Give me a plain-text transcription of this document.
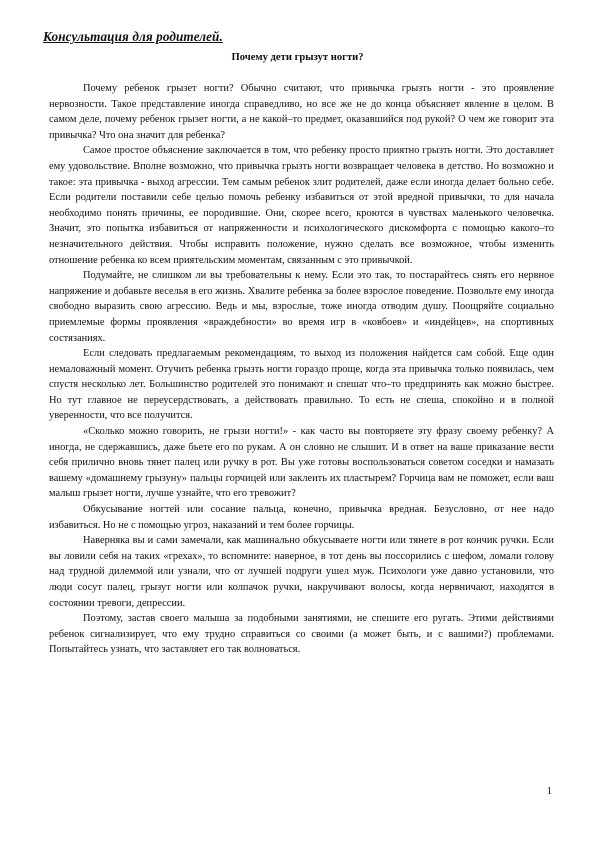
Консультация для родителей.
Почему дети грызут ногти?

Почему ребенок грызет ногти? Обычно считают, что привычка грызть ногти - это проявление нервозности. Такое представление иногда справедливо, но все же не до конца объясняет явление в целом. В самом деле, почему ребенок грызет ногти, а не какой–то предмет, оказавшийся под рукой? О чем же говорит эта привычка? Что она значит для ребенка?

Самое простое объяснение заключается в том, что ребенку просто приятно грызть ногти. Это доставляет ему удовольствие. Вполне возможно, что привычка грызть ногти возвращает человека в детство. Но возможно и такое: эта привычка - выход агрессии. Тем самым ребенок злит родителей, даже если иногда делает больно себе. Если родители поставили себе целью помочь ребенку избавиться от этой вредной привычки, то для начала необходимо понять причины, ее породившие. Они, скорее всего, кроются в чувствах маленького человечка. Значит, это попытка избавиться от напряженности и психологического дискомфорта с помощью какого–то незначительного действия. Чтобы исправить положение, нужно сделать все возможное, чтобы изменить отношение ребенка ко всем приятельским моментам, связанным с это привычкой.

Подумайте, не слишком ли вы требовательны к нему. Если это так, то постарайтесь снять его нервное напряжение и добавьте веселья в его жизнь. Хвалите ребенка за более взрослое поведение. Позвольте ему иногда свободно выразить свою агрессию. Ведь и мы, взрослые, тоже иногда отводим душу. Поощряйте социально приемлемые формы проявления «враждебности» во время игр в «ковбоев» и «индейцев», на спортивных состязаниях.

Если следовать предлагаемым рекомендациям, то выход из положения найдется сам собой. Еще один немаловажный момент. Отучить ребенка грызть ногти гораздо проще, когда эта привычка только появилась, чем спустя несколько лет. Большинство родителей это понимают и спешат что–то предпринять как можно быстрее. Но тут главное не переусердствовать, а действовать правильно. То есть не спеша, спокойно и в полной уверенности, что все получится.

«Сколько можно говорить, не грызи ногти!» - как часто вы повторяете эту фразу своему ребенку? А иногда, не сдержавшись, даже бьете его по рукам. А он словно не слышит. И в ответ на ваше приказание вести себя прилично вновь тянет палец или ручку в рот. Вы уже готовы воспользоваться советом соседки и намазать вашему «домашнему грызуну» пальцы горчицей или заклеить их пластырем? Горчица вам не поможет, если ваш малыш грызет ногти, лучше узнайте, что его тревожит?

Обкусывание ногтей или сосание пальца, конечно, привычка вредная. Безусловно, от нее надо избавиться. Но не с помощью угроз, наказаний и тем более горчицы.

Наверняка вы и сами замечали, как машинально обкусываете ногти или тянете в рот кончик ручки. Если вы ловили себя на таких «грехах», то вспомните: наверное, в тот день вы поссорились с шефом, ломали голову над трудной дилеммой или узнали, что от лучшей подруги ушел муж. Психологи уже давно установили, что люди сосут палец, грызут ногти или колпачок ручки, накручивают волосы, когда нервничают, находятся в состоянии тревоги, депрессии.

Поэтому, застав своего малыша за подобными занятиями, не спешите его ругать. Этими действиями ребенок сигнализирует, что ему трудно справиться со своими (а может быть, и с вашими?) проблемами. Попытайтесь узнать, что заставляет его так волноваться.

1
